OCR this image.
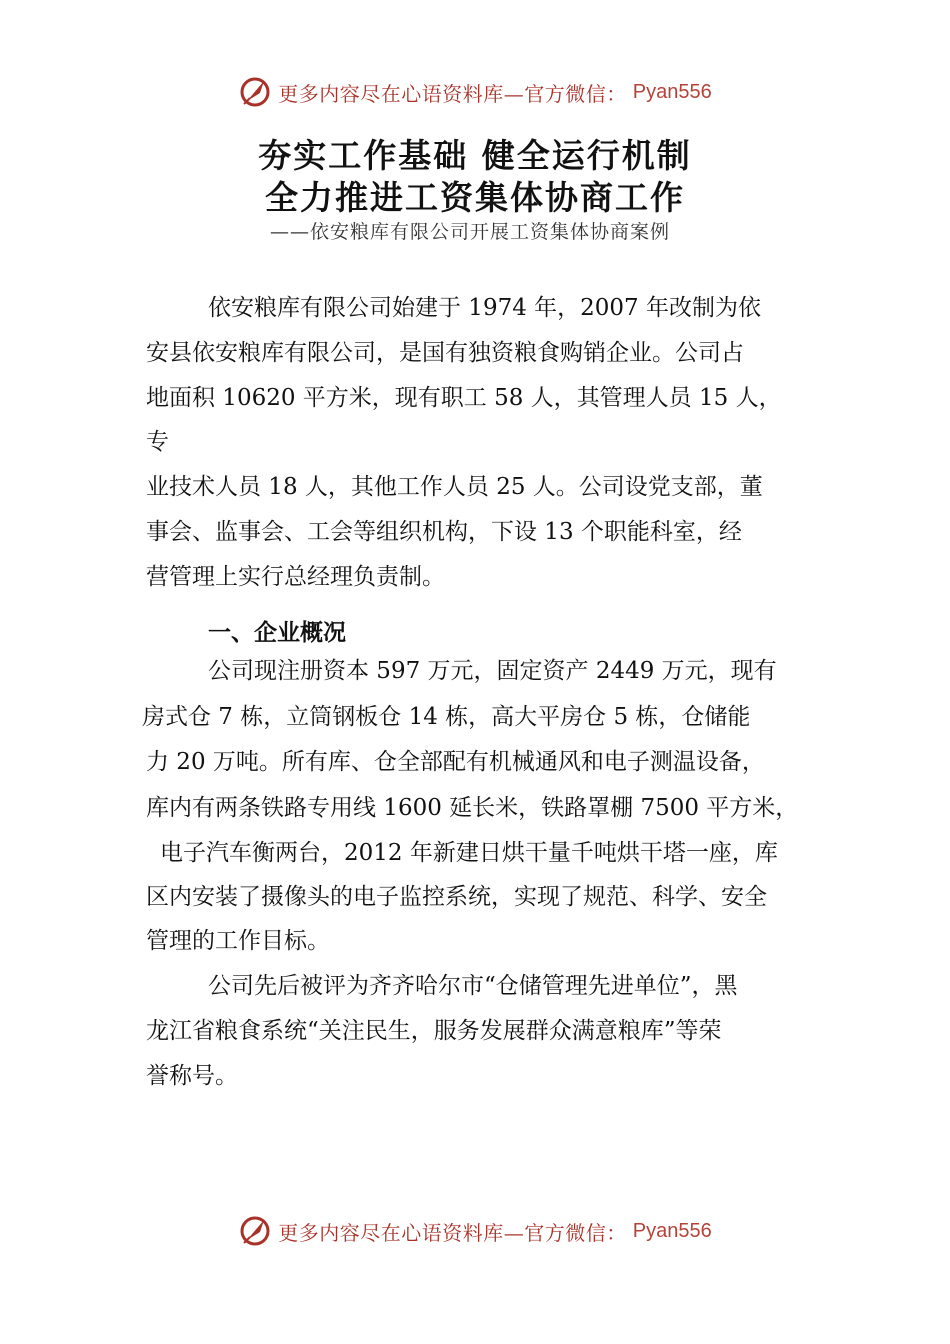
更多内容尽在心语资料库—官方微信： Pyan556
夯实工作基础 健全运行机制
全力推进工资集体协商工作
——依安粮库有限公司开展工资集体协商案例
依安粮库有限公司始建于 1974 年，2007 年改制为依
安县依安粮库有限公司，是国有独资粮食购销企业。公司占
地面积 10620 平方米，现有职工 58 人，其管理人员 15 人，
专
业技术人员 18 人，其他工作人员 25 人。公司设党支部，董
事会、监事会、工会等组织机构，下设 13 个职能科室，经
营管理上实行总经理负责制。
一、企业概况
公司现注册资本 597 万元，固定资产 2449 万元，现有
房式仓 7 栋，立筒钢板仓 14 栋，高大平房仓 5 栋，仓储能
力 20 万吨。所有库、仓全部配有机械通风和电子测温设备，
库内有两条铁路专用线 1600 延长米，铁路罩棚 7500 平方米，
电子汽车衡两台，2012 年新建日烘干量千吨烘干塔一座，库
区内安装了摄像头的电子监控系统，实现了规范、科学、安全
管理的工作目标。
公司先后被评为齐齐哈尔市“仓储管理先进单位”，黑
龙江省粮食系统“关注民生，服务发展群众满意粮库”等荣
誉称号。
更多内容尽在心语资料库—官方微信： Pyan556
